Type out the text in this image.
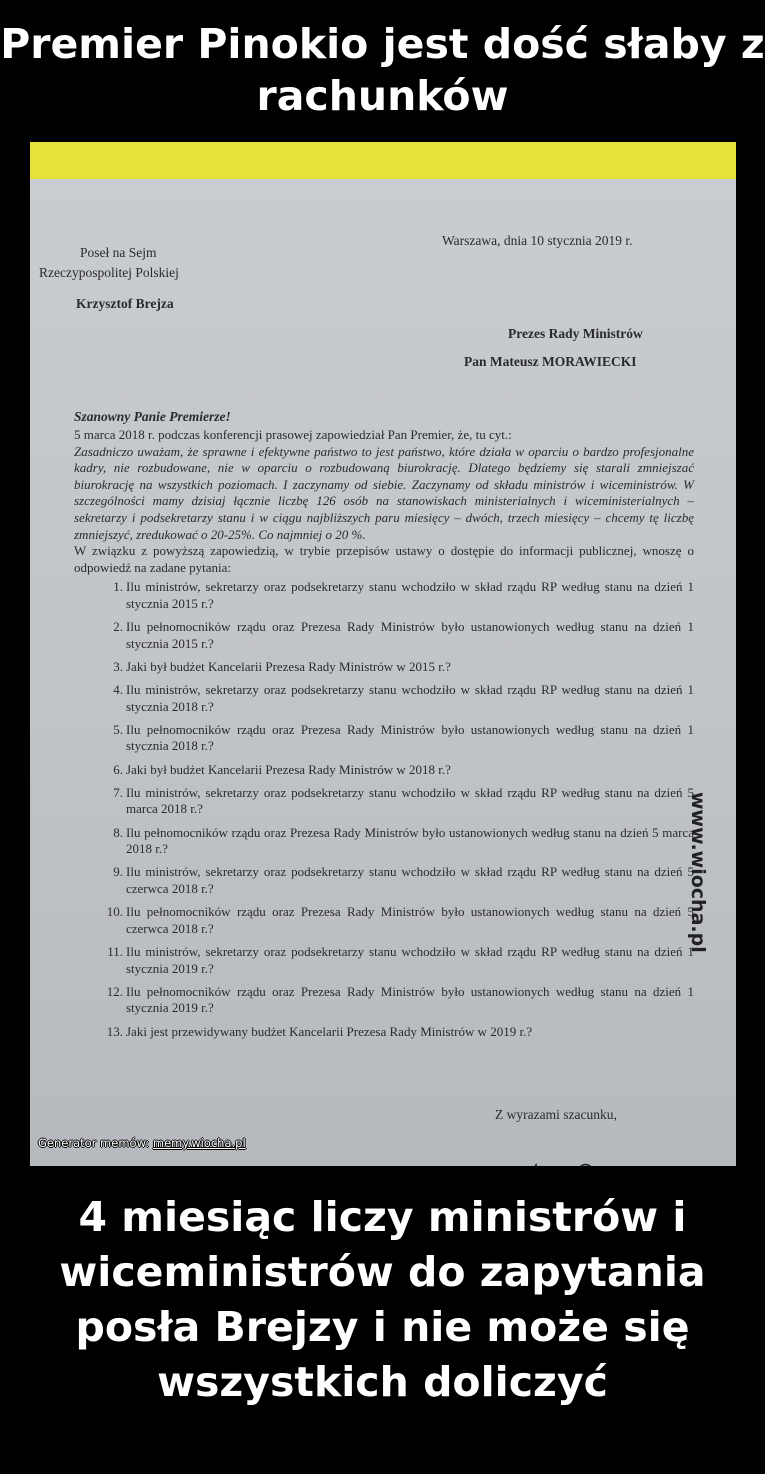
Premier Pinokio jest dość słaby z rachunków
Warszawa, dnia 10 stycznia 2019 r.
Poseł na Sejm
Rzeczypospolitej Polskiej
Krzysztof Brejza
Prezes Rady Ministrów
Pan Mateusz MORAWIECKI
Szanowny Panie Premierze!
5 marca 2018 r. podczas konferencji prasowej zapowiedział Pan Premier, że, tu cyt.:
Zasadniczo uważam, że sprawne i efektywne państwo to jest państwo, które działa w oparciu o bardzo profesjonalne kadry, nie rozbudowane, nie w oparciu o rozbudowaną biurokrację. Dlatego będziemy się starali zmniejszać biurokrację na wszystkich poziomach. I zaczynamy od siebie. Zaczynamy od składu ministrów i wiceministrów. W szczególności mamy dzisiaj łącznie liczbę 126 osób na stanowiskach ministerialnych i wiceministerialnych – sekretarzy i podsekretarzy stanu i w ciągu najbliższych paru miesięcy – dwóch, trzech miesięcy – chcemy tę liczbę zmniejszyć, zredukować o 20-25%. Co najmniej o 20 %.
W związku z powyższą zapowiedzią, w trybie przepisów ustawy o dostępie do informacji publicznej, wnoszę o odpowiedź na zadane pytania:
1. Ilu ministrów, sekretarzy oraz podsekretarzy stanu wchodziło w skład rządu RP według stanu na dzień 1 stycznia 2015 r.?
2. Ilu pełnomocników rządu oraz Prezesa Rady Ministrów było ustanowionych według stanu na dzień 1 stycznia 2015 r.?
3. Jaki był budżet Kancelarii Prezesa Rady Ministrów w 2015 r.?
4. Ilu ministrów, sekretarzy oraz podsekretarzy stanu wchodziło w skład rządu RP według stanu na dzień 1 stycznia 2018 r.?
5. Ilu pełnomocników rządu oraz Prezesa Rady Ministrów było ustanowionych według stanu na dzień 1 stycznia 2018 r.?
6. Jaki był budżet Kancelarii Prezesa Rady Ministrów w 2018 r.?
7. Ilu ministrów, sekretarzy oraz podsekretarzy stanu wchodziło w skład rządu RP według stanu na dzień 5 marca 2018 r.?
8. Ilu pełnomocników rządu oraz Prezesa Rady Ministrów było ustanowionych według stanu na dzień 5 marca 2018 r.?
9. Ilu ministrów, sekretarzy oraz podsekretarzy stanu wchodziło w skład rządu RP według stanu na dzień 5 czerwca 2018 r.?
10. Ilu pełnomocników rządu oraz Prezesa Rady Ministrów było ustanowionych według stanu na dzień 5 czerwca 2018 r.?
11. Ilu ministrów, sekretarzy oraz podsekretarzy stanu wchodziło w skład rządu RP według stanu na dzień 1 stycznia 2019 r.?
12. Ilu pełnomocników rządu oraz Prezesa Rady Ministrów było ustanowionych według stanu na dzień 1 stycznia 2019 r.?
13. Jaki jest przewidywany budżet Kancelarii Prezesa Rady Ministrów w 2019 r.?
Z wyrazami szacunku,
www.wiocha.pl
Generator memów: memy.wiocha.pl
4 miesiąc liczy ministrów i wiceministrów do zapytania posła Brejzy i nie może się wszystkich doliczyć
